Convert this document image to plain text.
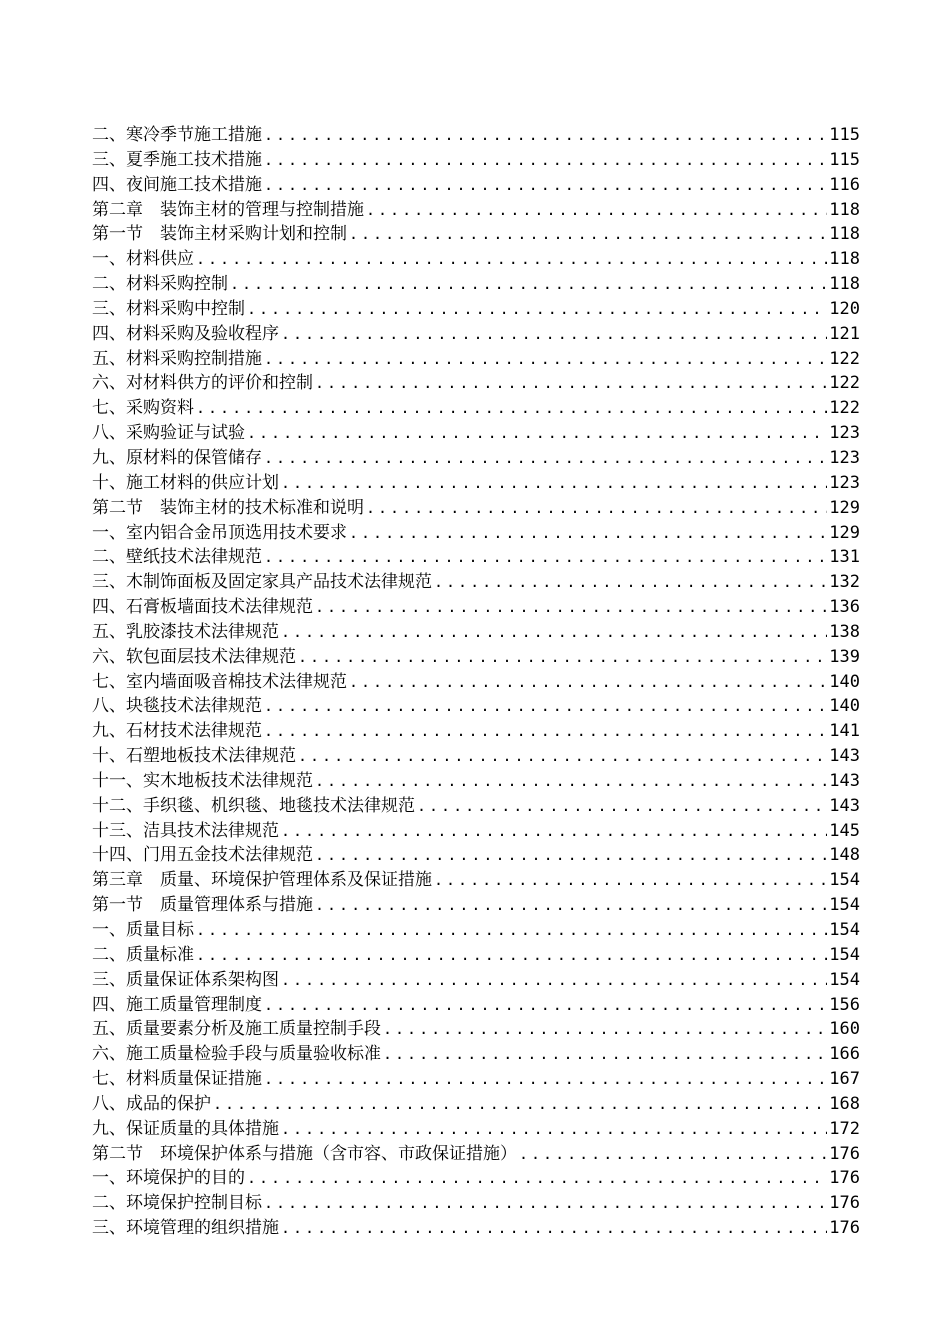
二、寒冷季节施工措施 .....	115
三、夏季施工技术措施 .....	115
四、夜间施工技术措施 .....	116
第二章　装饰主材的管理与控制措施 .....	118
第一节　装饰主材采购计划和控制 .....	118
一、材料供应 .....	118
二、材料采购控制 .....	118
三、材料采购中控制 .....	120
四、材料采购及验收程序 .....	121
五、材料采购控制措施 .....	122
六、对材料供方的评价和控制 .....	122
七、采购资料 .....	122
八、采购验证与试验 .....	123
九、原材料的保管储存 .....	123
十、施工材料的供应计划 .....	123
第二节　装饰主材的技术标准和说明 .....	129
一、室内铝合金吊顶选用技术要求 .....	129
二、壁纸技术法律规范 .....	131
三、木制饰面板及固定家具产品技术法律规范 .....	132
四、石膏板墙面技术法律规范 .....	136
五、乳胶漆技术法律规范 .....	138
六、软包面层技术法律规范 .....	139
七、室内墙面吸音棉技术法律规范 .....	140
八、块毯技术法律规范 .....	140
九、石材技术法律规范 .....	141
十、石塑地板技术法律规范 .....	143
十一、实木地板技术法律规范 .....	143
十二、手织毯、机织毯、地毯技术法律规范 .....	143
十三、洁具技术法律规范 .....	145
十四、门用五金技术法律规范 .....	148
第三章　质量、环境保护管理体系及保证措施 .....	154
第一节　质量管理体系与措施 .....	154
一、质量目标 .....	154
二、质量标准 .....	154
三、质量保证体系架构图 .....	154
四、施工质量管理制度 .....	156
五、质量要素分析及施工质量控制手段 .....	160
六、施工质量检验手段与质量验收标准 .....	166
七、材料质量保证措施 .....	167
八、成品的保护 .....	168
九、保证质量的具体措施 .....	172
第二节　环境保护体系与措施（含市容、市政保证措施） .....	176
一、环境保护的目的 .....	176
二、环境保护控制目标 .....	176
三、环境管理的组织措施 .....	176
